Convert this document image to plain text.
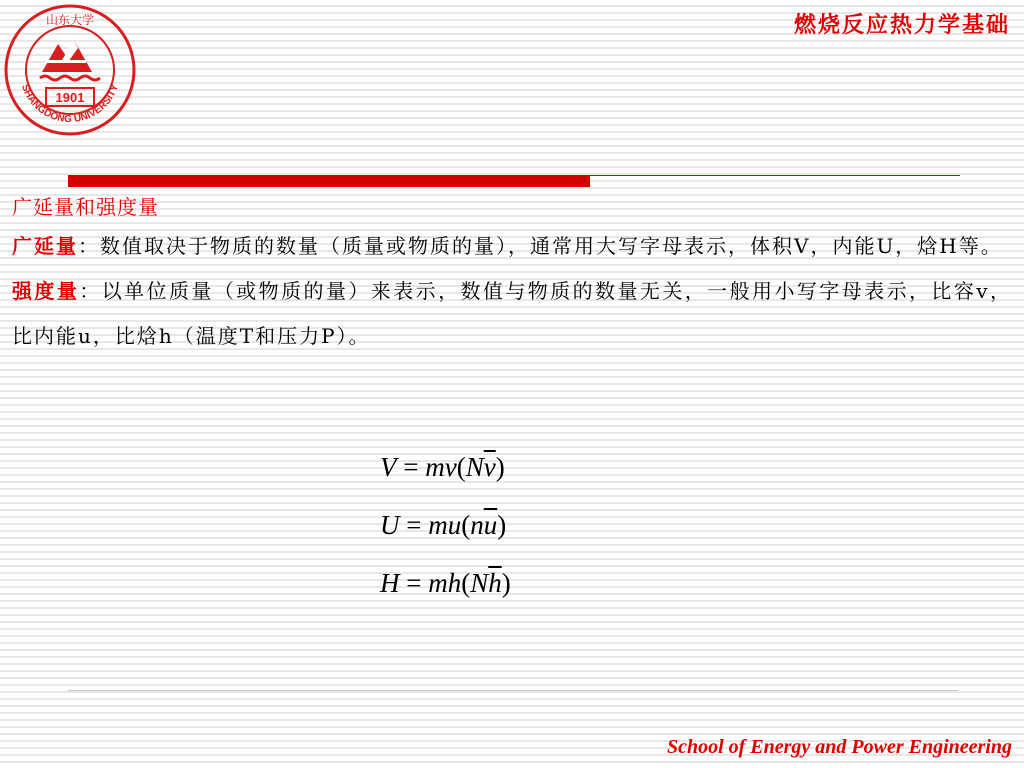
1901
SHANGDONG UNIVERSITY
山东大学	燃烧反应热力学基础

广延量和强度量

广延量：数值取决于物质的数量（质量或物质的量），通常用大写字母表示，体积V，内能U，焓H等。

强度量：以单位质量（或物质的量）来表示，数值与物质的数量无关，一般用小写字母表示，比容v，比内能u，比焓h（温度T和压力P）。

$V = mv(N\overline{v})$
$U = mu(n\overline{u})$
$H = mh(N\overline{h})$
School of Energy and Power Engineering
